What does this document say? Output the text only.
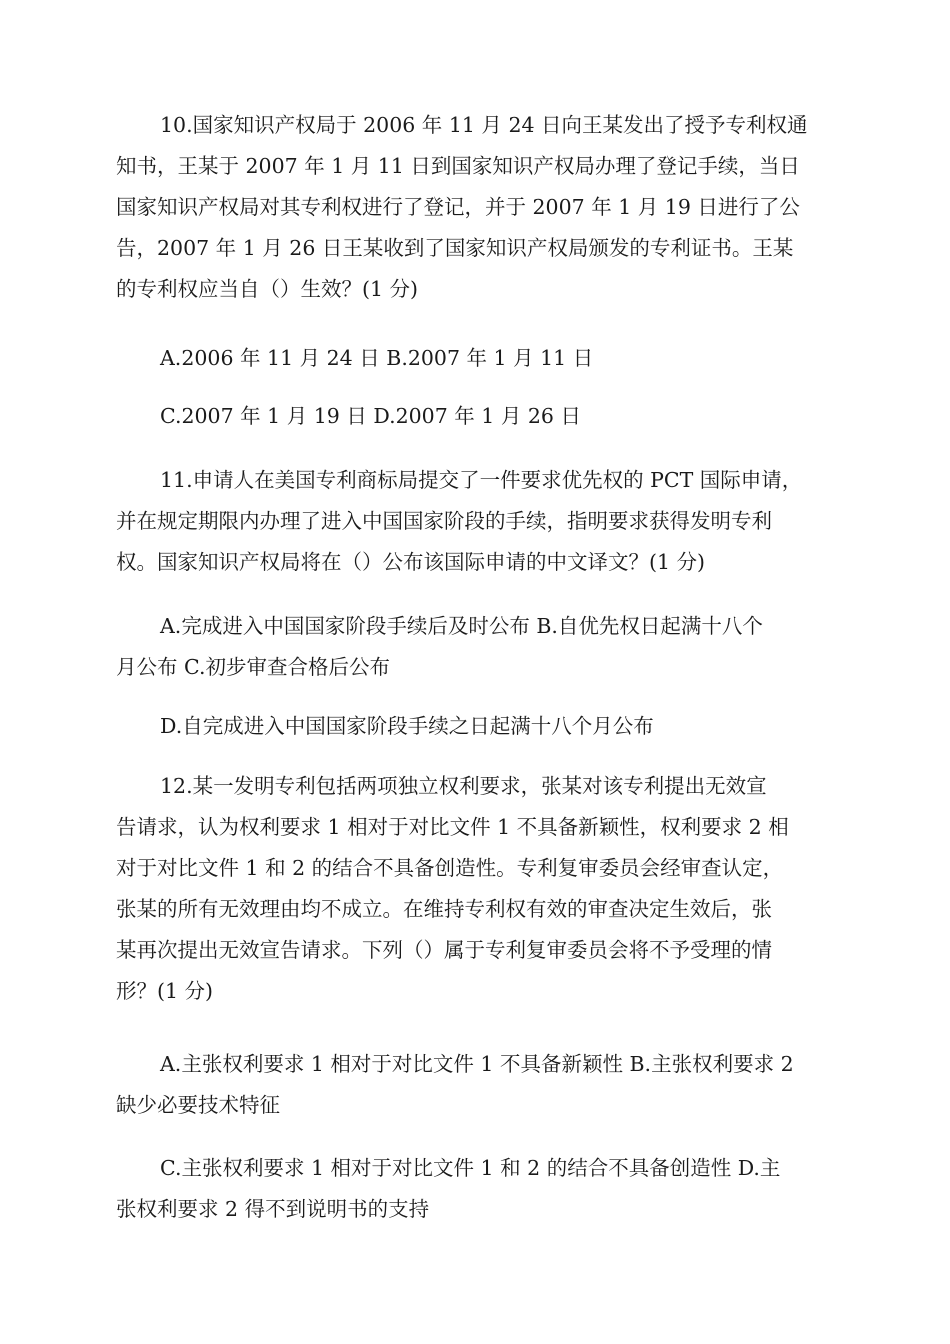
10.国家知识产权局于 2006 年 11 月 24 日向王某发出了授予专利权通
知书，王某于 2007 年 1 月 11 日到国家知识产权局办理了登记手续，当日
国家知识产权局对其专利权进行了登记，并于 2007 年 1 月 19 日进行了公
告，2007 年 1 月 26 日王某收到了国家知识产权局颁发的专利证书。王某
的专利权应当自（）生效？(1 分)
A.2006 年 11 月 24 日 B.2007 年 1 月 11 日
C.2007 年 1 月 19 日 D.2007 年 1 月 26 日
11.申请人在美国专利商标局提交了一件要求优先权的 PCT 国际申请，
并在规定期限内办理了进入中国国家阶段的手续，指明要求获得发明专利
权。国家知识产权局将在（）公布该国际申请的中文译文？(1 分)
A.完成进入中国国家阶段手续后及时公布 B.自优先权日起满十八个
月公布 C.初步审查合格后公布
D.自完成进入中国国家阶段手续之日起满十八个月公布
12.某一发明专利包括两项独立权利要求，张某对该专利提出无效宣
告请求，认为权利要求 1 相对于对比文件 1 不具备新颖性，权利要求 2 相
对于对比文件 1 和 2 的结合不具备创造性。专利复审委员会经审查认定，
张某的所有无效理由均不成立。在维持专利权有效的审查决定生效后，张
某再次提出无效宣告请求。下列（）属于专利复审委员会将不予受理的情
形？(1 分)
A.主张权利要求 1 相对于对比文件 1 不具备新颖性 B.主张权利要求 2
缺少必要技术特征
C.主张权利要求 1 相对于对比文件 1 和 2 的结合不具备创造性 D.主
张权利要求 2 得不到说明书的支持
